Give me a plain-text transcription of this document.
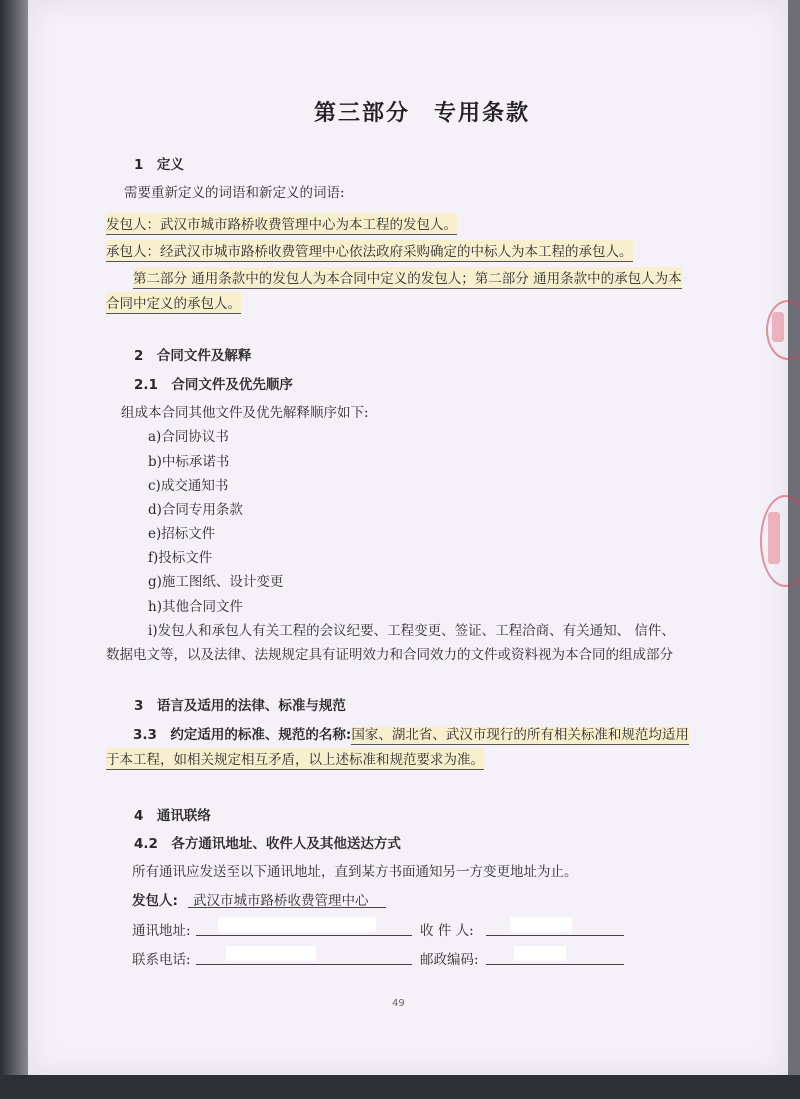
第三部分　专用条款
1　定义
需要重新定义的词语和新定义的词语:
发包人：武汉市城市路桥收费管理中心为本工程的发包人。
承包人：经武汉市城市路桥收费管理中心依法政府采购确定的中标人为本工程的承包人。
第二部分 通用条款中的发包人为本合同中定义的发包人；第二部分 通用条款中的承包人为本
合同中定义的承包人。
2　合同文件及解释
2.1　合同文件及优先顺序
组成本合同其他文件及优先解释顺序如下:
a)合同协议书
b)中标承诺书
c)成交通知书
d)合同专用条款
e)招标文件
f)投标文件
g)施工图纸、设计变更
h)其他合同文件
i)发包人和承包人有关工程的会议纪要、工程变更、签证、工程洽商、有关通知、 信件、
数据电文等，以及法律、法规规定具有证明效力和合同效力的文件或资料视为本合同的组成部分
3　语言及适用的法律、标准与规范
3.3　约定适用的标准、规范的名称:国家、湖北省、武汉市现行的所有相关标准和规范均适用
于本工程，如相关规定相互矛盾，以上述标准和规范要求为准。
4　通讯联络
4.2　各方通讯地址、收件人及其他送达方式
所有通讯应发送至以下通讯地址，直到某方书面通知另一方变更地址为止。
发包人: 武汉市城市路桥收费管理中心
通讯地址:	收 件 人:
联系电话:	邮政编码:
49
